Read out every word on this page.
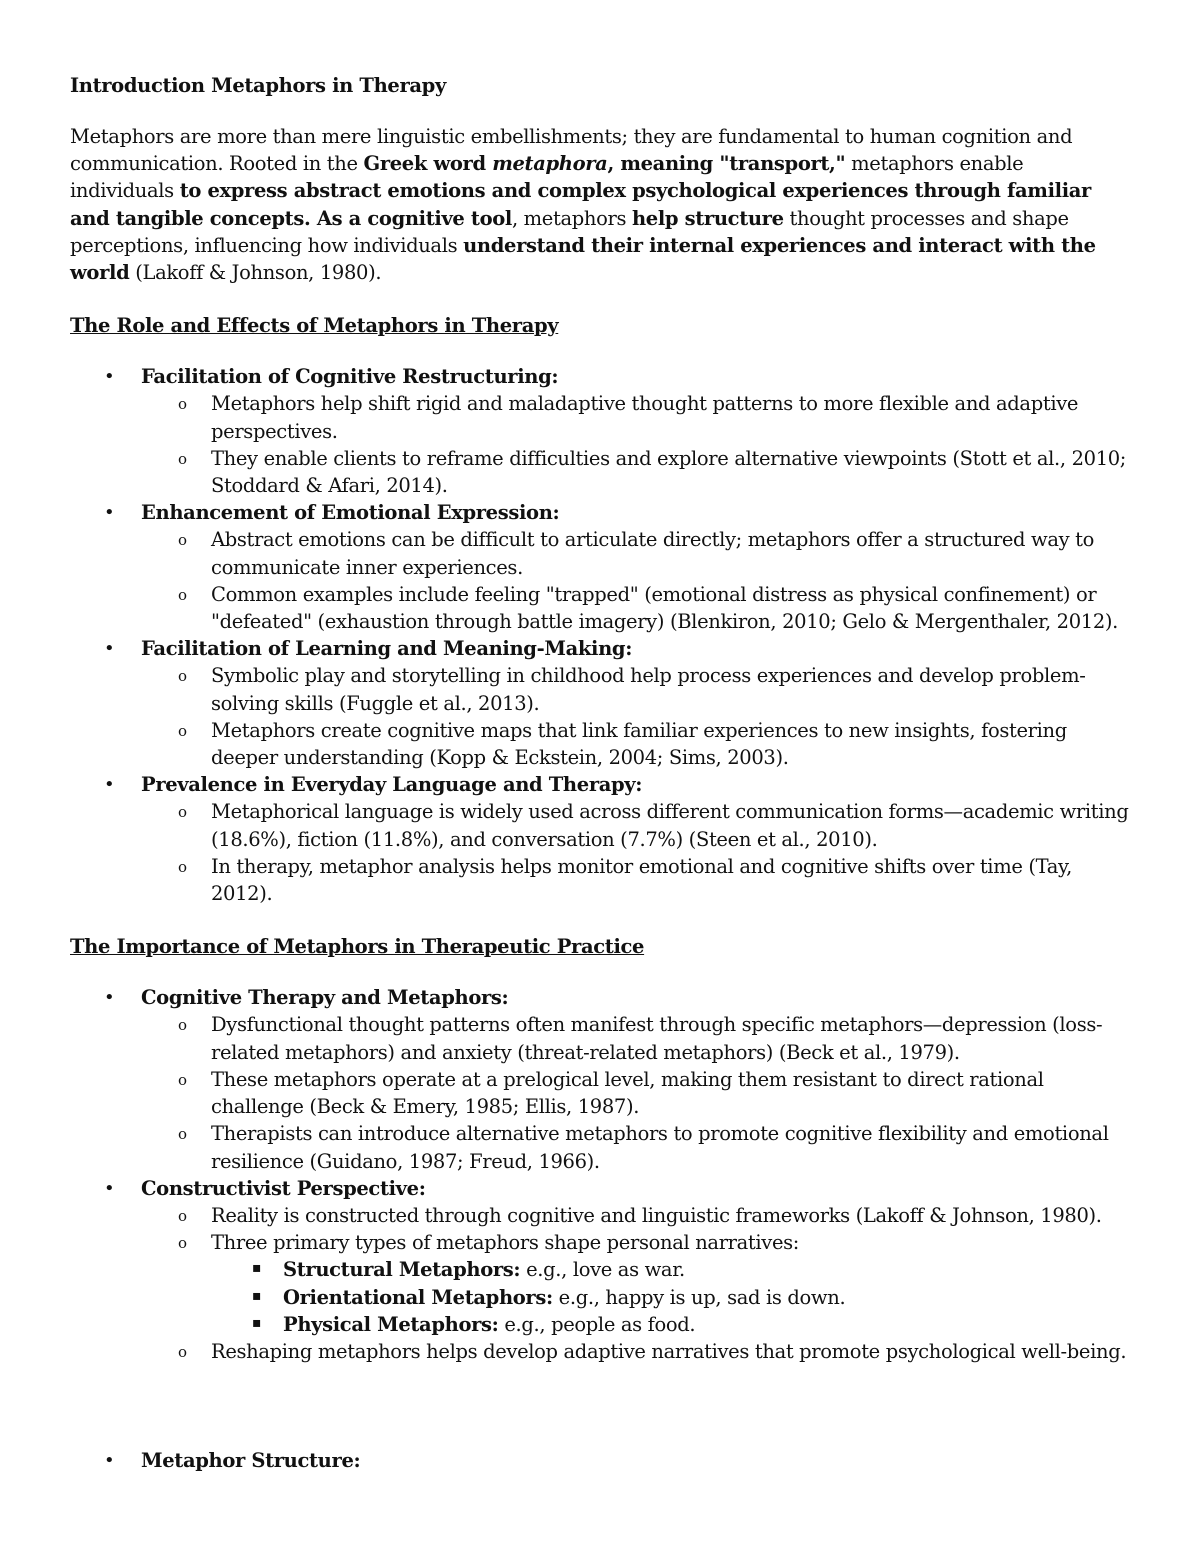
Introduction Metaphors in Therapy

Metaphors are more than mere linguistic embellishments; they are fundamental to human cognition and communication. Rooted in the Greek word metaphora, meaning "transport," metaphors enable individuals to express abstract emotions and complex psychological experiences through familiar and tangible concepts. As a cognitive tool, metaphors help structure thought processes and shape perceptions, influencing how individuals understand their internal experiences and interact with the world (Lakoff & Johnson, 1980).

The Role and Effects of Metaphors in Therapy
• Facilitation of Cognitive Restructuring:
o Metaphors help shift rigid and maladaptive thought patterns to more flexible and adaptive perspectives.
o They enable clients to reframe difficulties and explore alternative viewpoints (Stott et al., 2010; Stoddard & Afari, 2014).
• Enhancement of Emotional Expression:
o Abstract emotions can be difficult to articulate directly; metaphors offer a structured way to communicate inner experiences.
o Common examples include feeling "trapped" (emotional distress as physical confinement) or "defeated" (exhaustion through battle imagery) (Blenkiron, 2010; Gelo & Mergenthaler, 2012).
• Facilitation of Learning and Meaning-Making:
o Symbolic play and storytelling in childhood help process experiences and develop problem-solving skills (Fuggle et al., 2013).
o Metaphors create cognitive maps that link familiar experiences to new insights, fostering deeper understanding (Kopp & Eckstein, 2004; Sims, 2003).
• Prevalence in Everyday Language and Therapy:
o Metaphorical language is widely used across different communication forms—academic writing (18.6%), fiction (11.8%), and conversation (7.7%) (Steen et al., 2010).
o In therapy, metaphor analysis helps monitor emotional and cognitive shifts over time (Tay, 2012).
The Importance of Metaphors in Therapeutic Practice
• Cognitive Therapy and Metaphors:
o Dysfunctional thought patterns often manifest through specific metaphors—depression (loss-related metaphors) and anxiety (threat-related metaphors) (Beck et al., 1979).
o These metaphors operate at a prelogical level, making them resistant to direct rational challenge (Beck & Emery, 1985; Ellis, 1987).
o Therapists can introduce alternative metaphors to promote cognitive flexibility and emotional resilience (Guidano, 1987; Freud, 1966).
• Constructivist Perspective:
o Reality is constructed through cognitive and linguistic frameworks (Lakoff & Johnson, 1980).
o Three primary types of metaphors shape personal narratives:
▪ Structural Metaphors: e.g., love as war.
▪ Orientational Metaphors: e.g., happy is up, sad is down.
▪ Physical Metaphors: e.g., people as food.
o Reshaping metaphors helps develop adaptive narratives that promote psychological well-being.
• Metaphor Structure:
